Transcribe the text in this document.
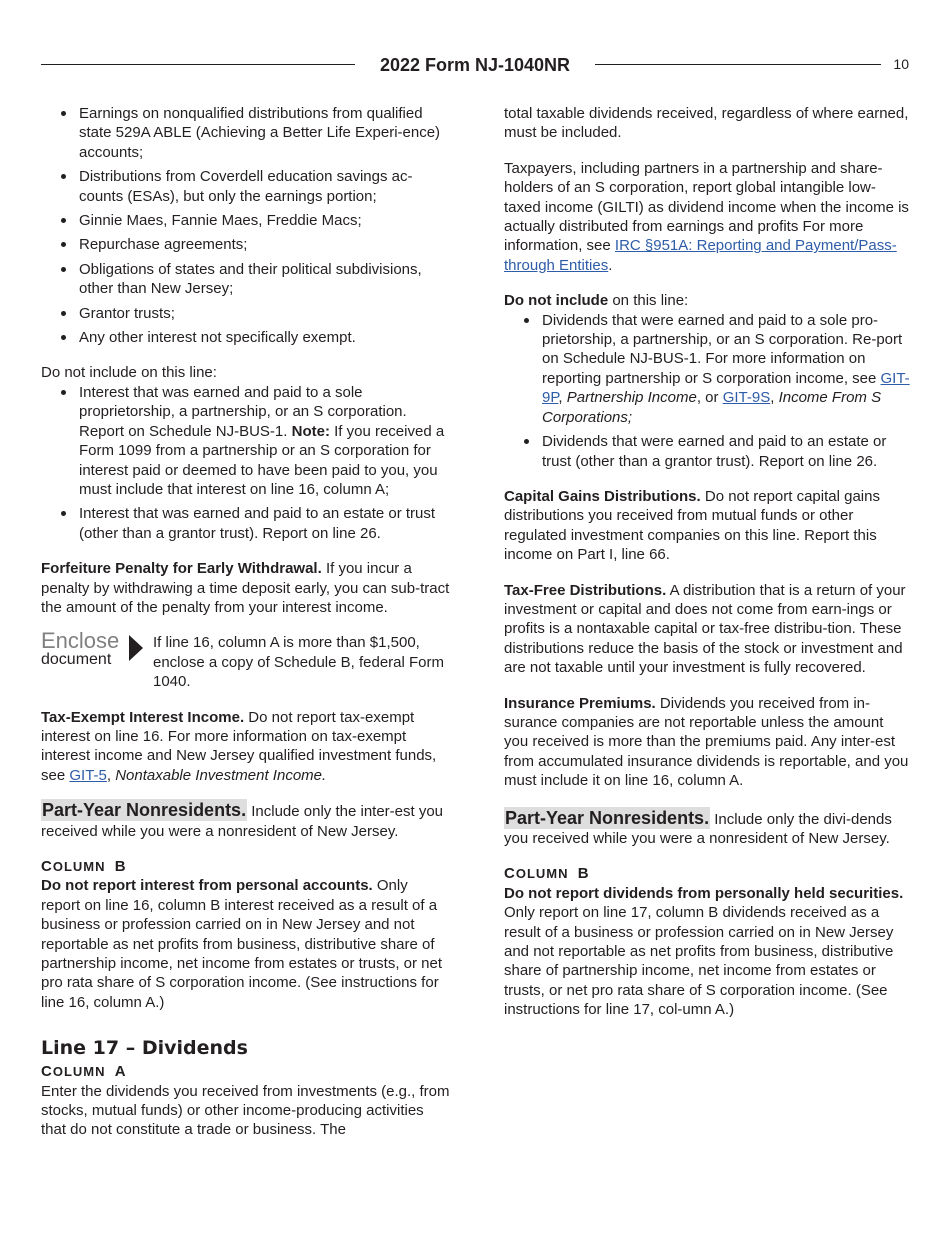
2022 Form NJ-1040NR	10
Earnings on nonqualified distributions from qualified state 529A ABLE (Achieving a Better Life Experi-ence) accounts;
Distributions from Coverdell education savings ac-counts (ESAs), but only the earnings portion;
Ginnie Maes, Fannie Maes, Freddie Macs;
Repurchase agreements;
Obligations of states and their political subdivisions, other than New Jersey;
Grantor trusts;
Any other interest not specifically exempt.

Do not include on this line:

Interest that was earned and paid to a sole proprietorship, a partnership, or an S corporation. Report on Schedule NJ-BUS-1. Note: If you received a Form 1099 from a partnership or an S corporation for interest paid or deemed to have been paid to you, you must include that interest on line 16, column A;
Interest that was earned and paid to an estate or trust (other than a grantor trust). Report on line 26.

Forfeiture Penalty for Early Withdrawal. If you incur a penalty by withdrawing a time deposit early, you can sub-tract the amount of the penalty from your interest income.

Enclose
document
If line 16, column A is more than $1,500, enclose a copy of Schedule B, federal Form 1040.

Tax-Exempt Interest Income. Do not report tax-exempt interest on line 16. For more information on tax-exempt interest income and New Jersey qualified investment funds, see GIT-5, Nontaxable Investment Income.

Part-Year Nonresidents. Include only the inter-est you received while you were a nonresident of New Jersey.

COLUMN B

Do not report interest from personal accounts. Only report on line 16, column B interest received as a result of a business or profession carried on in New Jersey and not reportable as net profits from business, distributive share of partnership income, net income from estates or trusts, or net pro rata share of S corporation income. (See instructions for line 16, column A.)

Line 17 – Dividends
COLUMN A

Enter the dividends you received from investments (e.g., from stocks, mutual funds) or other income-producing activities that do not constitute a trade or business. The

total taxable dividends received, regardless of where earned, must be included.

Taxpayers, including partners in a partnership and share-holders of an S corporation, report global intangible low-taxed income (GILTI) as dividend income when the income is actually distributed from earnings and profits For more information, see IRC §951A: Reporting and Payment/Pass-through Entities.

Do not include on this line:

Dividends that were earned and paid to a sole pro-prietorship, a partnership, or an S corporation. Re-port on Schedule NJ-BUS-1. For more information on reporting partnership or S corporation income, see GIT-9P, Partnership Income, or GIT-9S, Income From S Corporations;
Dividends that were earned and paid to an estate or trust (other than a grantor trust). Report on line 26.

Capital Gains Distributions. Do not report capital gains distributions you received from mutual funds or other regulated investment companies on this line. Report this income on Part I, line 66.

Tax-Free Distributions. A distribution that is a return of your investment or capital and does not come from earn-ings or profits is a nontaxable capital or tax-free distribu-tion. These distributions reduce the basis of the stock or investment and are not taxable until your investment is fully recovered.

Insurance Premiums. Dividends you received from in-surance companies are not reportable unless the amount you received is more than the premiums paid. Any inter-est from accumulated insurance dividends is reportable, and you must include it on line 16, column A.

Part-Year Nonresidents. Include only the divi-dends you received while you were a nonresident of New Jersey.

COLUMN B

Do not report dividends from personally held securities. Only report on line 17, column B dividends received as a result of a business or profession carried on in New Jersey and not reportable as net profits from business, distributive share of partnership income, net income from estates or trusts, or net pro rata share of S corporation income. (See instructions for line 17, col-umn A.)
